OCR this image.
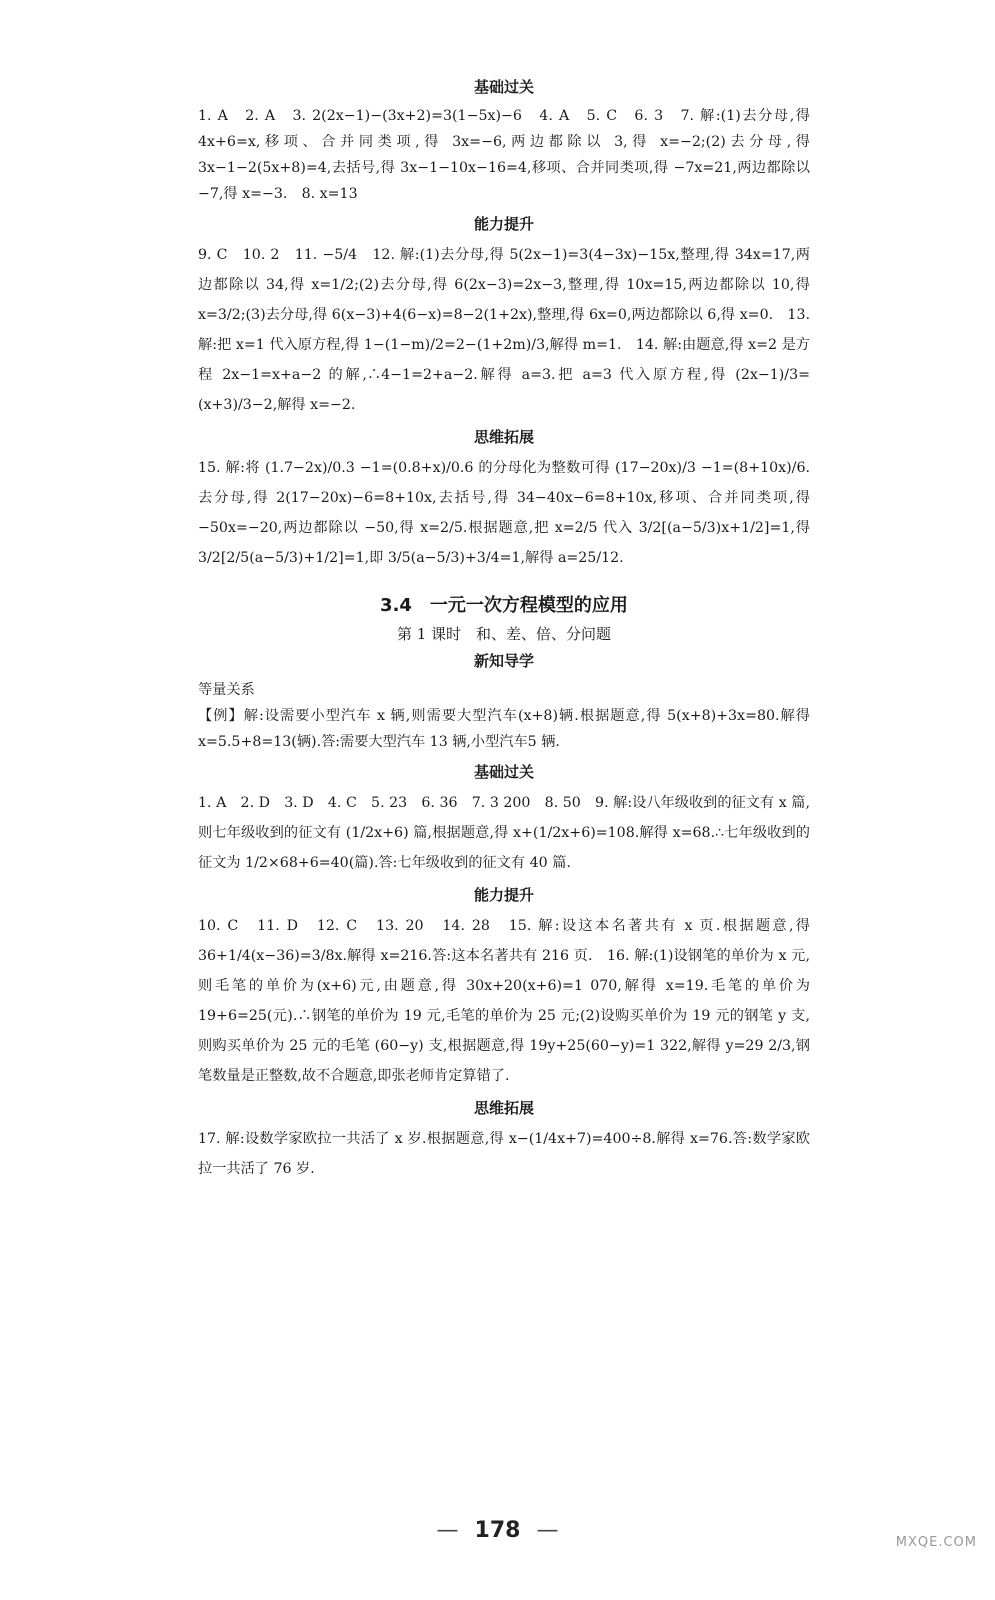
基础过关

1. A　2. A　3. 2(2x−1)−(3x+2)=3(1−5x)−6　4. A　5. C　6. 3　7. 解:(1)去分母,得 4x+6=x,移项、合并同类项,得 3x=−6,两边都除以 3,得 x=−2;(2)去分母,得 3x−1−2(5x+8)=4,去括号,得 3x−1−10x−16=4,移项、合并同类项,得 −7x=21,两边都除以 −7,得 x=−3.　8. x=13

能力提升

9. C　10. 2　11. −5/4　12. 解:(1)去分母,得 5(2x−1)=3(4−3x)−15x,整理,得 34x=17,两边都除以 34,得 x=1/2;(2)去分母,得 6(2x−3)=2x−3,整理,得 10x=15,两边都除以 10,得 x=3/2;(3)去分母,得 6(x−3)+4(6−x)=8−2(1+2x),整理,得 6x=0,两边都除以 6,得 x=0.　13. 解:把 x=1 代入原方程,得 1−(1−m)/2=2−(1+2m)/3,解得 m=1.　14. 解:由题意,得 x=2 是方程 2x−1=x+a−2 的解,∴4−1=2+a−2.解得 a=3.把 a=3 代入原方程,得 (2x−1)/3=(x+3)/3−2,解得 x=−2.

思维拓展

15. 解:将 (1.7−2x)/0.3 −1=(0.8+x)/0.6 的分母化为整数可得 (17−20x)/3 −1=(8+10x)/6.去分母,得 2(17−20x)−6=8+10x,去括号,得 34−40x−6=8+10x,移项、合并同类项,得 −50x=−20,两边都除以 −50,得 x=2/5.根据题意,把 x=2/5 代入 3/2[(a−5/3)x+1/2]=1,得 3/2[2/5(a−5/3)+1/2]=1,即 3/5(a−5/3)+3/4=1,解得 a=25/12.

3.4　一元一次方程模型的应用
第 1 课时　和、差、倍、分问题
新知导学

等量关系

【例】解:设需要小型汽车 x 辆,则需要大型汽车(x+8)辆.根据题意,得 5(x+8)+3x=80.解得 x=5.5+8=13(辆).答:需要大型汽车 13 辆,小型汽车5 辆.

基础过关

1. A　2. D　3. D　4. C　5. 23　6. 36　7. 3 200　8. 50　9. 解:设八年级收到的征文有 x 篇,则七年级收到的征文有 (1/2x+6) 篇,根据题意,得 x+(1/2x+6)=108.解得 x=68.∴七年级收到的征文为 1/2×68+6=40(篇).答:七年级收到的征文有 40 篇.

能力提升

10. C　11. D　12. C　13. 20　14. 28　15. 解:设这本名著共有 x 页.根据题意,得 36+1/4(x−36)=3/8x.解得 x=216.答:这本名著共有 216 页.　16. 解:(1)设钢笔的单价为 x 元,则毛笔的单价为(x+6)元,由题意,得 30x+20(x+6)=1 070,解得 x=19.毛笔的单价为 19+6=25(元).∴钢笔的单价为 19 元,毛笔的单价为 25 元;(2)设购买单价为 19 元的钢笔 y 支,则购买单价为 25 元的毛笔 (60−y) 支,根据题意,得 19y+25(60−y)=1 322,解得 y=29 2/3,钢笔数量是正整数,故不合题意,即张老师肯定算错了.

思维拓展

17. 解:设数学家欧拉一共活了 x 岁.根据题意,得 x−(1/4x+7)=400÷8.解得 x=76.答:数学家欧拉一共活了 76 岁.

— 178 —	MXQE.COM
